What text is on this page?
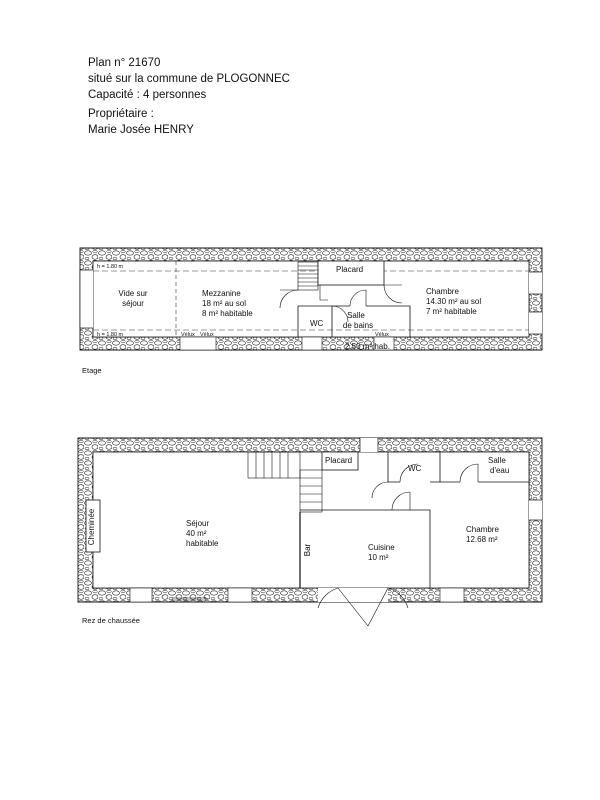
Plan n° 21670
situé sur la commune de PLOGONNEC
Capacité : 4 personnes
Propriétaire :
Marie Josée HENRY
Etage
Rez de chaussée
Vide sur
séjour
Mezzanine
18 m² au sol
8 m² habitable
Placard
WC
Salle
de bains
Chambre
14.30 m² au sol
7 m² habitable
h = 1.80 m
h = 1.80 m	Vélux Vélux	Vélux
2.50 m² hab.
Cheminée	Séjour
40 m²
habitable
Placard
Bar	Cuisine
10 m²
WC
Salle
d'eau
Chambre
12.68 m²
